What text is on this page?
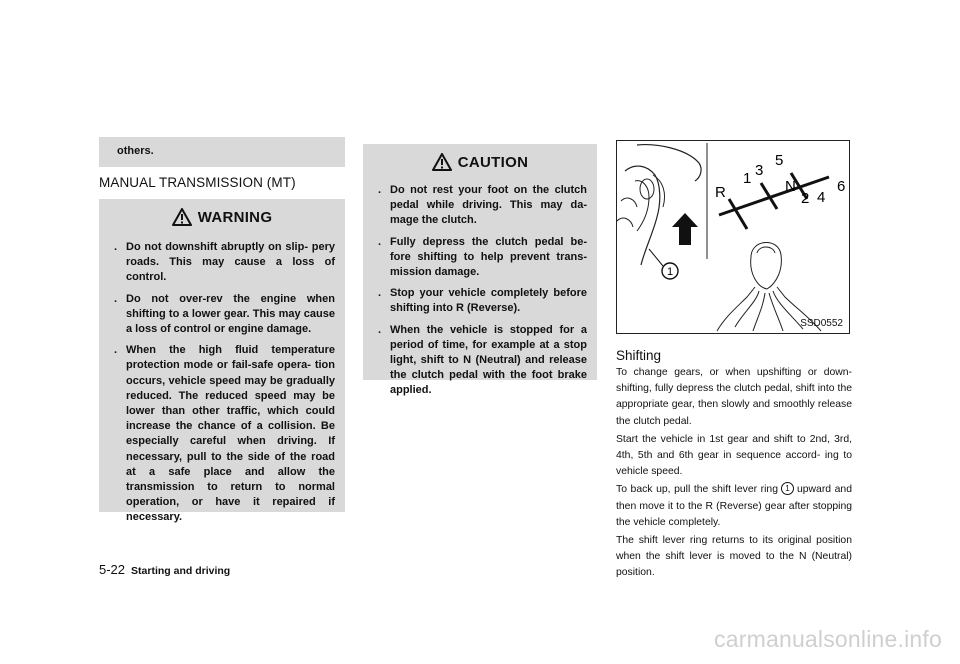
others.
MANUAL TRANSMISSION (MT)
WARNING
. Do not downshift abruptly on slip- pery roads. This may cause a loss of control.
. Do not over-rev the engine when shifting to a lower gear. This may cause a loss of control or engine damage.
. When the high fluid temperature protection mode or fail-safe opera- tion occurs, vehicle speed may be gradually reduced. The reduced speed may be lower than other traffic, which could increase the chance of a collision. Be especially careful when driving. If necessary, pull to the side of the road at a safe place and allow the transmission to return to normal operation, or have it repaired if necessary.
CAUTION
. Do not rest your foot on the clutch pedal while driving. This may da- mage the clutch.
. Fully depress the clutch pedal be- fore shifting to help prevent trans- mission damage.
. Stop your vehicle completely before shifting into R (Reverse).
. When the vehicle is stopped for a period of time, for example at a stop light, shift to N (Neutral) and release the clutch pedal with the foot brake applied.
1
R
1 3
5
N
2 4
6
SSD0552
Shifting

To change gears, or when upshifting or down- shifting, fully depress the clutch pedal, shift into the appropriate gear, then slowly and smoothly release the clutch pedal.

Start the vehicle in 1st gear and shift to 2nd, 3rd, 4th, 5th and 6th gear in sequence accord- ing to vehicle speed.

To back up, pull the shift lever ring 1 upward and then move it to the R (Reverse) gear after stopping the vehicle completely.

The shift lever ring returns to its original position when the shift lever is moved to the N (Neutral) position.

5-22 Starting and driving
carmanualsonline.info
